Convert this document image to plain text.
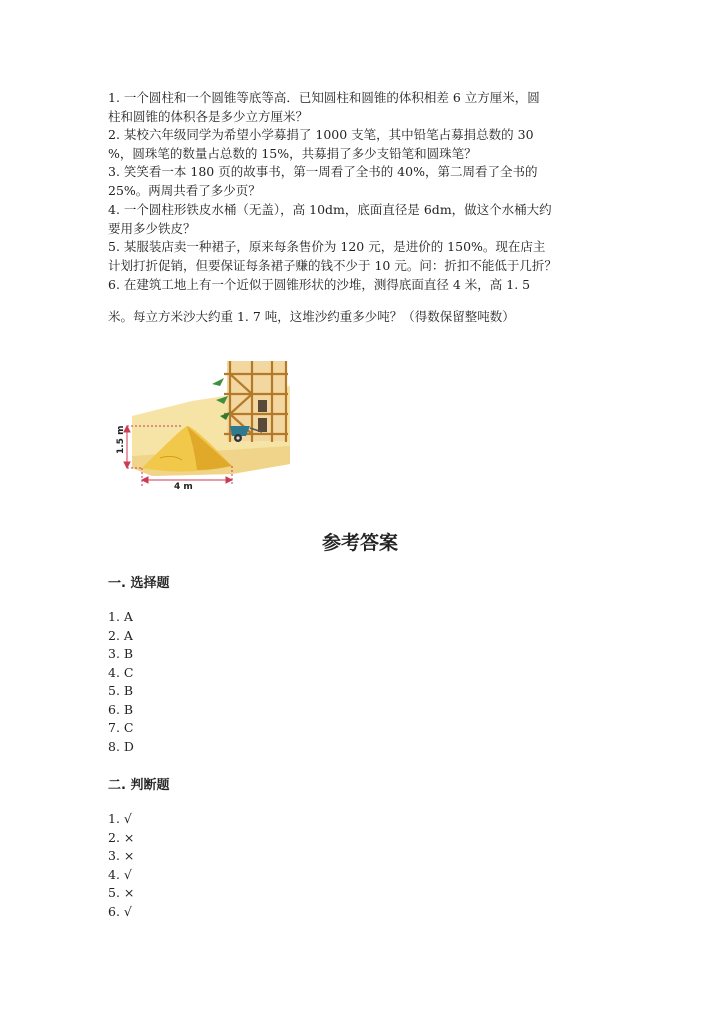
1. 一个圆柱和一个圆锥等底等高．已知圆柱和圆锥的体积相差 6 立方厘米，圆
柱和圆锥的体积各是多少立方厘米？
2. 某校六年级同学为希望小学募捐了 1000 支笔，其中铅笔占募捐总数的 30
%，圆珠笔的数量占总数的 15%，共募捐了多少支铅笔和圆珠笔？
3. 笑笑看一本 180 页的故事书，第一周看了全书的 40%，第二周看了全书的
25%。两周共看了多少页？
4. 一个圆柱形铁皮水桶（无盖），高 10dm，底面直径是 6dm，做这个水桶大约
要用多少铁皮？
5. 某服装店卖一种裙子，原来每条售价为 120 元，是进价的 150%。现在店主
计划打折促销，但要保证每条裙子赚的钱不少于 10 元。问：折扣不能低于几折？
6. 在建筑工地上有一个近似于圆锥形状的沙堆，测得底面直径 4 米，高 1. 5
米。每立方米沙大约重 1. 7 吨，这堆沙约重多少吨？（得数保留整吨数）
1.5 m
4 m
参考答案
一. 选择题
1. A
2. A
3. B
4. C
5. B
6. B
7. C
8. D
二. 判断题
1. √
2. ×
3. ×
4. √
5. ×
6. √
